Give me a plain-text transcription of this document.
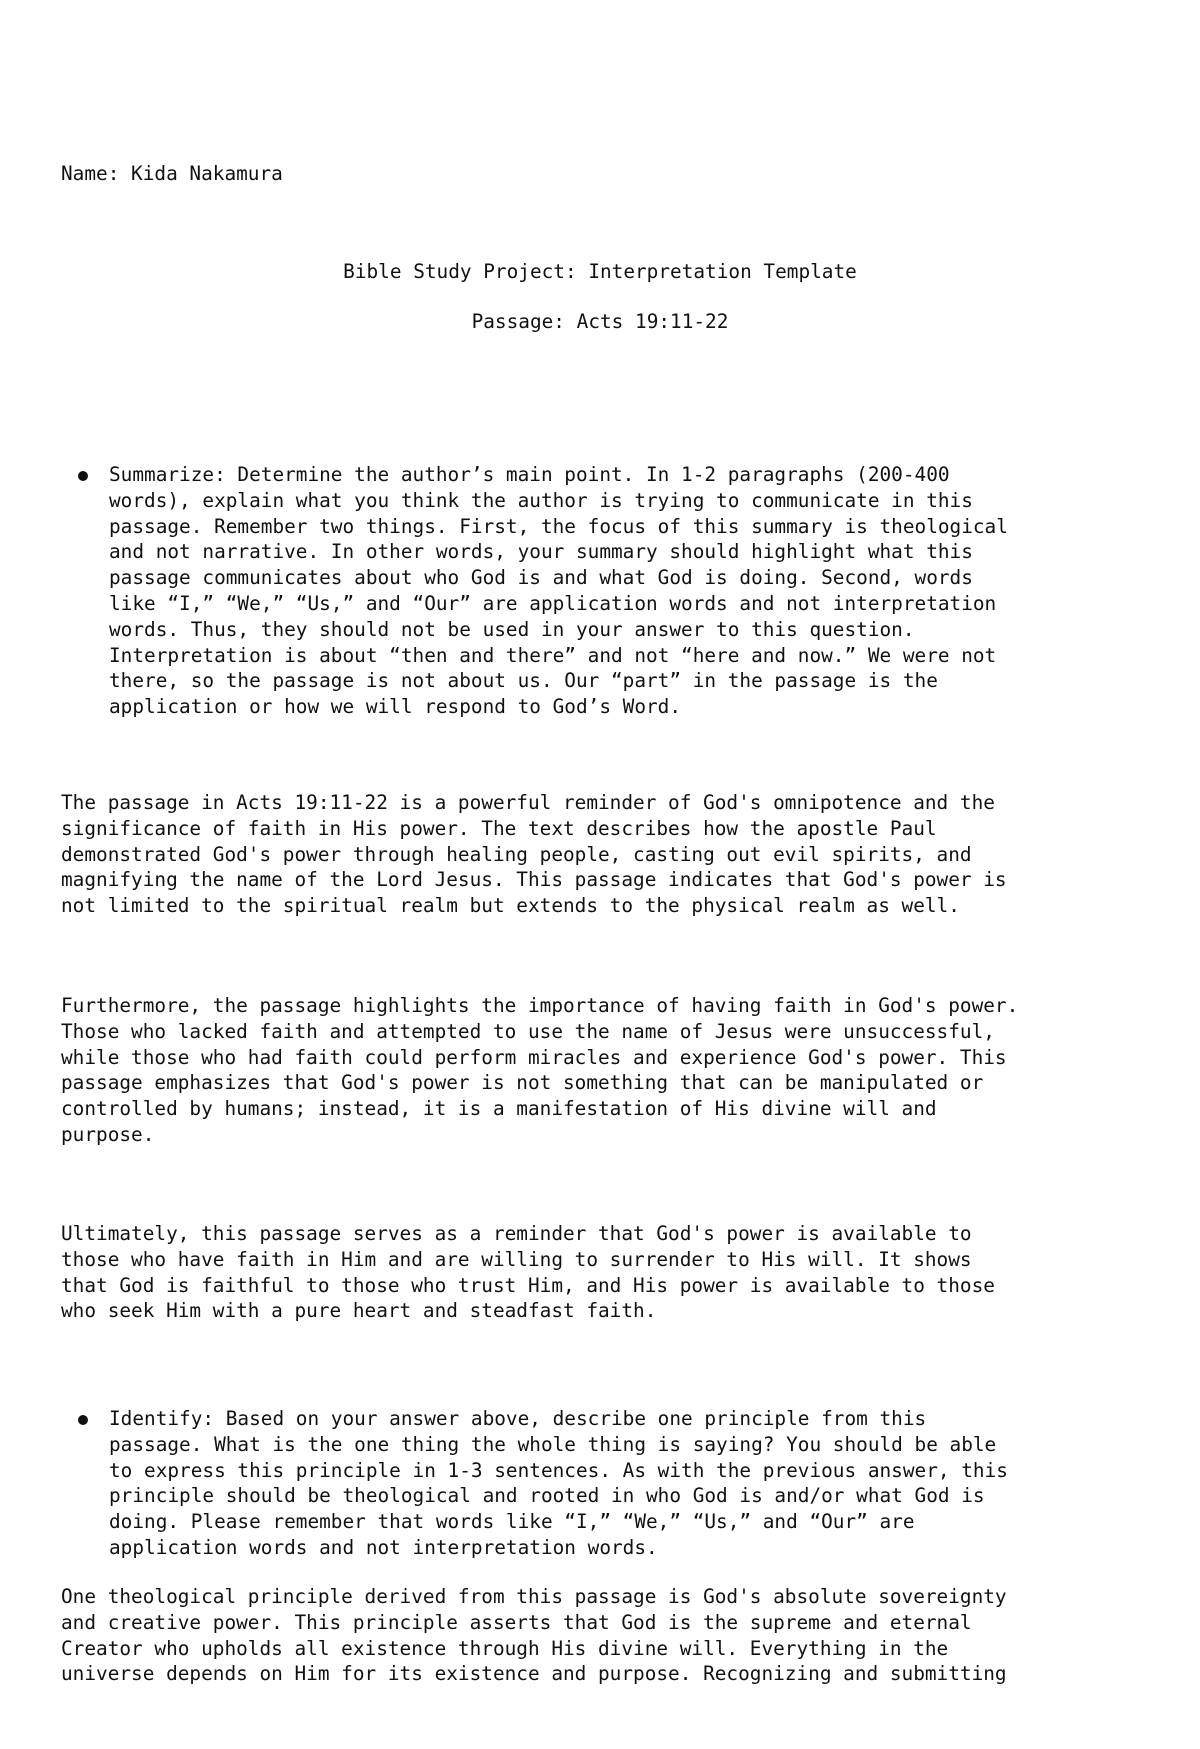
Name: Kida Nakamura
Bible Study Project: Interpretation Template
Passage: Acts 19:11-22
Summarize: Determine the author’s main point. In 1-2 paragraphs (200-400
words), explain what you think the author is trying to communicate in this
passage. Remember two things. First, the focus of this summary is theological
and not narrative. In other words, your summary should highlight what this
passage communicates about who God is and what God is doing. Second, words
like “I,” “We,” “Us,” and “Our” are application words and not interpretation
words. Thus, they should not be used in your answer to this question.
Interpretation is about “then and there” and not “here and now.” We were not
there, so the passage is not about us. Our “part” in the passage is the
application or how we will respond to God’s Word.
The passage in Acts 19:11-22 is a powerful reminder of God's omnipotence and the
significance of faith in His power. The text describes how the apostle Paul
demonstrated God's power through healing people, casting out evil spirits, and
magnifying the name of the Lord Jesus. This passage indicates that God's power is
not limited to the spiritual realm but extends to the physical realm as well.
Furthermore, the passage highlights the importance of having faith in God's power.
Those who lacked faith and attempted to use the name of Jesus were unsuccessful,
while those who had faith could perform miracles and experience God's power. This
passage emphasizes that God's power is not something that can be manipulated or
controlled by humans; instead, it is a manifestation of His divine will and
purpose.
Ultimately, this passage serves as a reminder that God's power is available to
those who have faith in Him and are willing to surrender to His will. It shows
that God is faithful to those who trust Him, and His power is available to those
who seek Him with a pure heart and steadfast faith.
Identify: Based on your answer above, describe one principle from this
passage. What is the one thing the whole thing is saying? You should be able
to express this principle in 1-3 sentences. As with the previous answer, this
principle should be theological and rooted in who God is and/or what God is
doing. Please remember that words like “I,” “We,” “Us,” and “Our” are
application words and not interpretation words.
One theological principle derived from this passage is God's absolute sovereignty
and creative power. This principle asserts that God is the supreme and eternal
Creator who upholds all existence through His divine will. Everything in the
universe depends on Him for its existence and purpose. Recognizing and submitting
